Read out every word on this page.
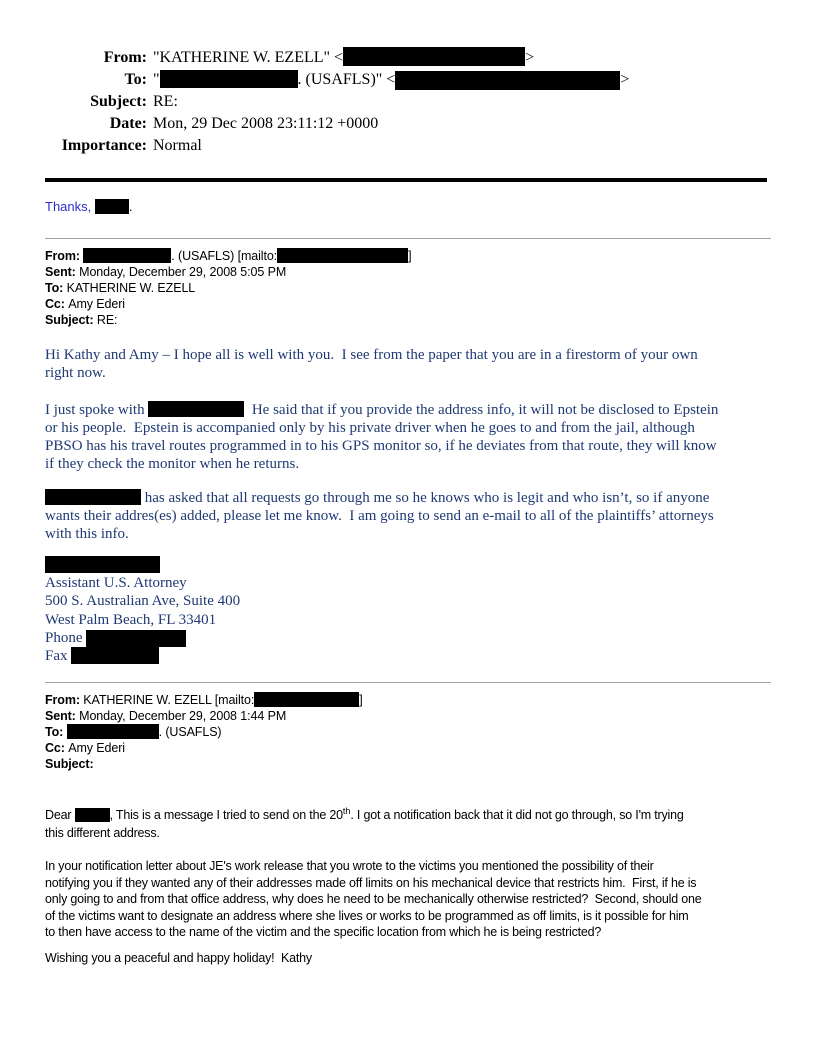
From: "KATHERINE W. EZELL" <	>
To: "	. (USAFLS)" <	>
Subject: RE:
Date: Mon, 29 Dec 2008 23:11:12 +0000
Importance: Normal
Thanks,	.
From:	. (USAFLS) [mailto:	]
Sent: Monday, December 29, 2008 5:05 PM
To: KATHERINE W. EZELL
Cc: Amy Ederi
Subject: RE:
Hi Kathy and Amy – I hope all is well with you.  I see from the paper that you are in a firestorm of your own
right now.
I just spoke with	He said that if you provide the address info, it will not be disclosed to Epstein
or his people.  Epstein is accompanied only by his private driver when he goes to and from the jail, although
PBSO has his travel routes programmed in to his GPS monitor so, if he deviates from that route, they will know
if they check the monitor when he returns.
has asked that all requests go through me so he knows who is legit and who isn’t, so if anyone
wants their addres(es) added, please let me know.  I am going to send an e-mail to all of the plaintiffs’ attorneys
with this info.
Assistant U.S. Attorney
500 S. Australian Ave, Suite 400
West Palm Beach, FL 33401
Phone
Fax
From: KATHERINE W. EZELL [mailto:	]
Sent: Monday, December 29, 2008 1:44 PM
To:	. (USAFLS)
Cc: Amy Ederi
Subject:
Dear	, This is a message I tried to send on the 20th. I got a notification back that it did not go through, so I'm trying
this different address.
In your notification letter about JE's work release that you wrote to the victims you mentioned the possibility of their
notifying you if they wanted any of their addresses made off limits on his mechanical device that restricts him.  First, if he is
only going to and from that office address, why does he need to be mechanically otherwise restricted?  Second, should one
of the victims want to designate an address where she lives or works to be programmed as off limits, is it possible for him
to then have access to the name of the victim and the specific location from which he is being restricted?
Wishing you a peaceful and happy holiday!  Kathy
